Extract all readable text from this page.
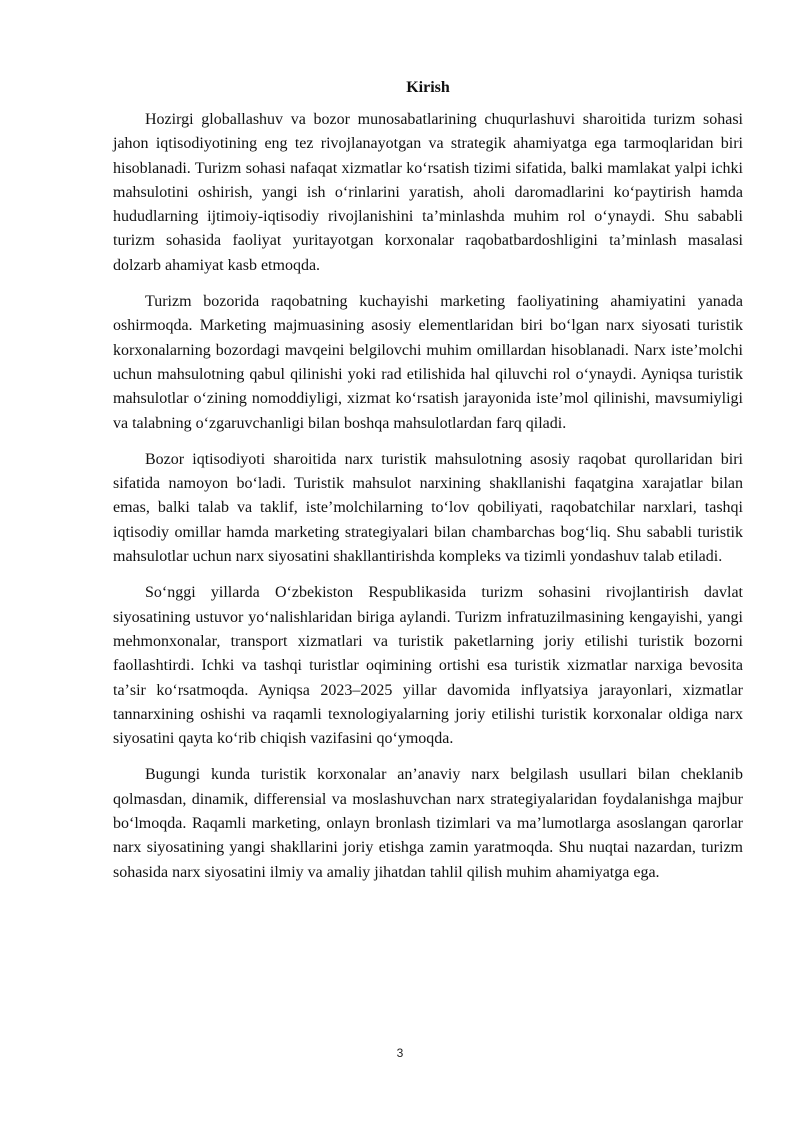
Kirish

Hozirgi globallashuv va bozor munosabatlarining chuqurlashuvi sharoitida turizm sohasi jahon iqtisodiyotining eng tez rivojlanayotgan va strategik ahamiyatga ega tarmoqlaridan biri hisoblanadi. Turizm sohasi nafaqat xizmatlar koʻrsatish tizimi sifatida, balki mamlakat yalpi ichki mahsulotini oshirish, yangi ish oʻrinlarini yaratish, aholi daromadlarini koʻpaytirish hamda hududlarning ijtimoiy-iqtisodiy rivojlanishini taʼminlashda muhim rol oʻynaydi. Shu sababli turizm sohasida faoliyat yuritayotgan korxonalar raqobatbardoshligini taʼminlash masalasi dolzarb ahamiyat kasb etmoqda.

Turizm bozorida raqobatning kuchayishi marketing faoliyatining ahamiyatini yanada oshirmoqda. Marketing majmuasining asosiy elementlaridan biri boʻlgan narx siyosati turistik korxonalarning bozordagi mavqeini belgilovchi muhim omillardan hisoblanadi. Narx isteʼmolchi uchun mahsulotning qabul qilinishi yoki rad etilishida hal qiluvchi rol oʻynaydi. Ayniqsa turistik mahsulotlar oʻzining nomoddiyligi, xizmat koʻrsatish jarayonida isteʼmol qilinishi, mavsumiyligi va talabning oʻzgaruvchanligi bilan boshqa mahsulotlardan farq qiladi.

Bozor iqtisodiyoti sharoitida narx turistik mahsulotning asosiy raqobat qurollaridan biri sifatida namoyon boʻladi. Turistik mahsulot narxining shakllanishi faqatgina xarajatlar bilan emas, balki talab va taklif, isteʼmolchilarning toʻlov qobiliyati, raqobatchilar narxlari, tashqi iqtisodiy omillar hamda marketing strategiyalari bilan chambarchas bogʻliq. Shu sababli turistik mahsulotlar uchun narx siyosatini shakllantirishda kompleks va tizimli yondashuv talab etiladi.

Soʻnggi yillarda Oʻzbekiston Respublikasida turizm sohasini rivojlantirish davlat siyosatining ustuvor yoʻnalishlaridan biriga aylandi. Turizm infratuzilmasining kengayishi, yangi mehmonxonalar, transport xizmatlari va turistik paketlarning joriy etilishi turistik bozorni faollashtirdi. Ichki va tashqi turistlar oqimining ortishi esa turistik xizmatlar narxiga bevosita taʼsir koʻrsatmoqda. Ayniqsa 2023–2025 yillar davomida inflyatsiya jarayonlari, xizmatlar tannarxining oshishi va raqamli texnologiyalarning joriy etilishi turistik korxonalar oldiga narx siyosatini qayta koʻrib chiqish vazifasini qoʻymoqda.

Bugungi kunda turistik korxonalar anʼanaviy narx belgilash usullari bilan cheklanib qolmasdan, dinamik, differensial va moslashuvchan narx strategiyalaridan foydalanishga majbur boʻlmoqda. Raqamli marketing, onlayn bronlash tizimlari va maʼlumotlarga asoslangan qarorlar narx siyosatining yangi shakllarini joriy etishga zamin yaratmoqda. Shu nuqtai nazardan, turizm sohasida narx siyosatini ilmiy va amaliy jihatdan tahlil qilish muhim ahamiyatga ega.

3
